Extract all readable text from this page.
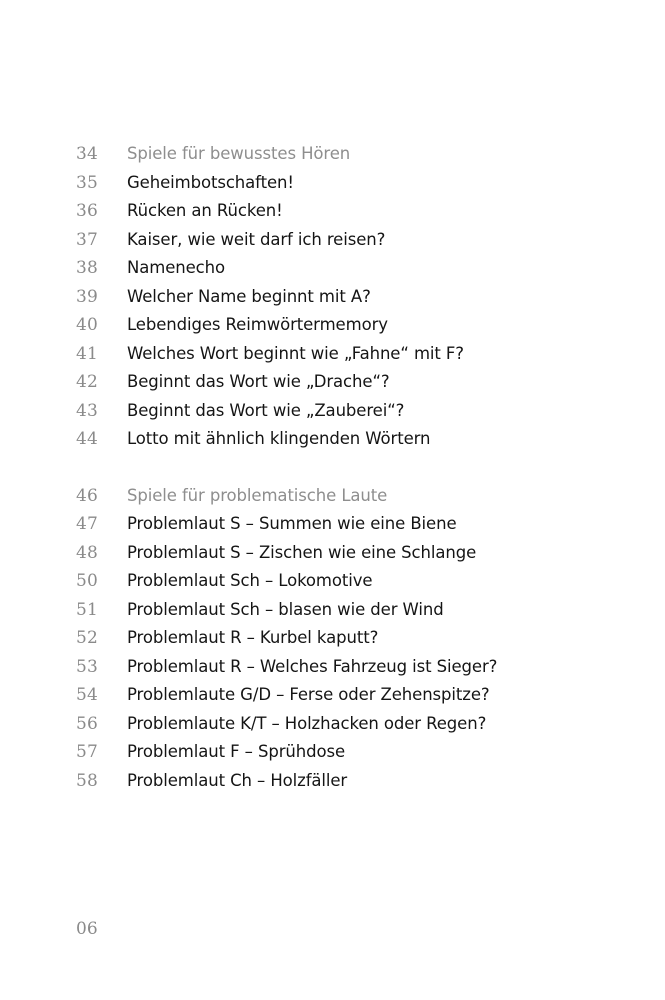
34	Spiele für bewusstes Hören
35	Geheimbotschaften!
36	Rücken an Rücken!
37	Kaiser, wie weit darf ich reisen?
38	Namenecho
39	Welcher Name beginnt mit A?
40	Lebendiges Reimwörtermemory
41	Welches Wort beginnt wie „Fahne“ mit F?
42	Beginnt das Wort wie „Drache“?
43	Beginnt das Wort wie „Zauberei“?
44	Lotto mit ähnlich klingenden Wörtern
46	Spiele für problematische Laute
47	Problemlaut S – Summen wie eine Biene
48	Problemlaut S – Zischen wie eine Schlange
50	Problemlaut Sch – Lokomotive
51	Problemlaut Sch – blasen wie der Wind
52	Problemlaut R – Kurbel kaputt?
53	Problemlaut R – Welches Fahrzeug ist Sieger?
54	Problemlaute G/D – Ferse oder Zehenspitze?
56	Problemlaute K/T – Holzhacken oder Regen?
57	Problemlaut F – Sprühdose
58	Problemlaut Ch – Holzfäller
06
